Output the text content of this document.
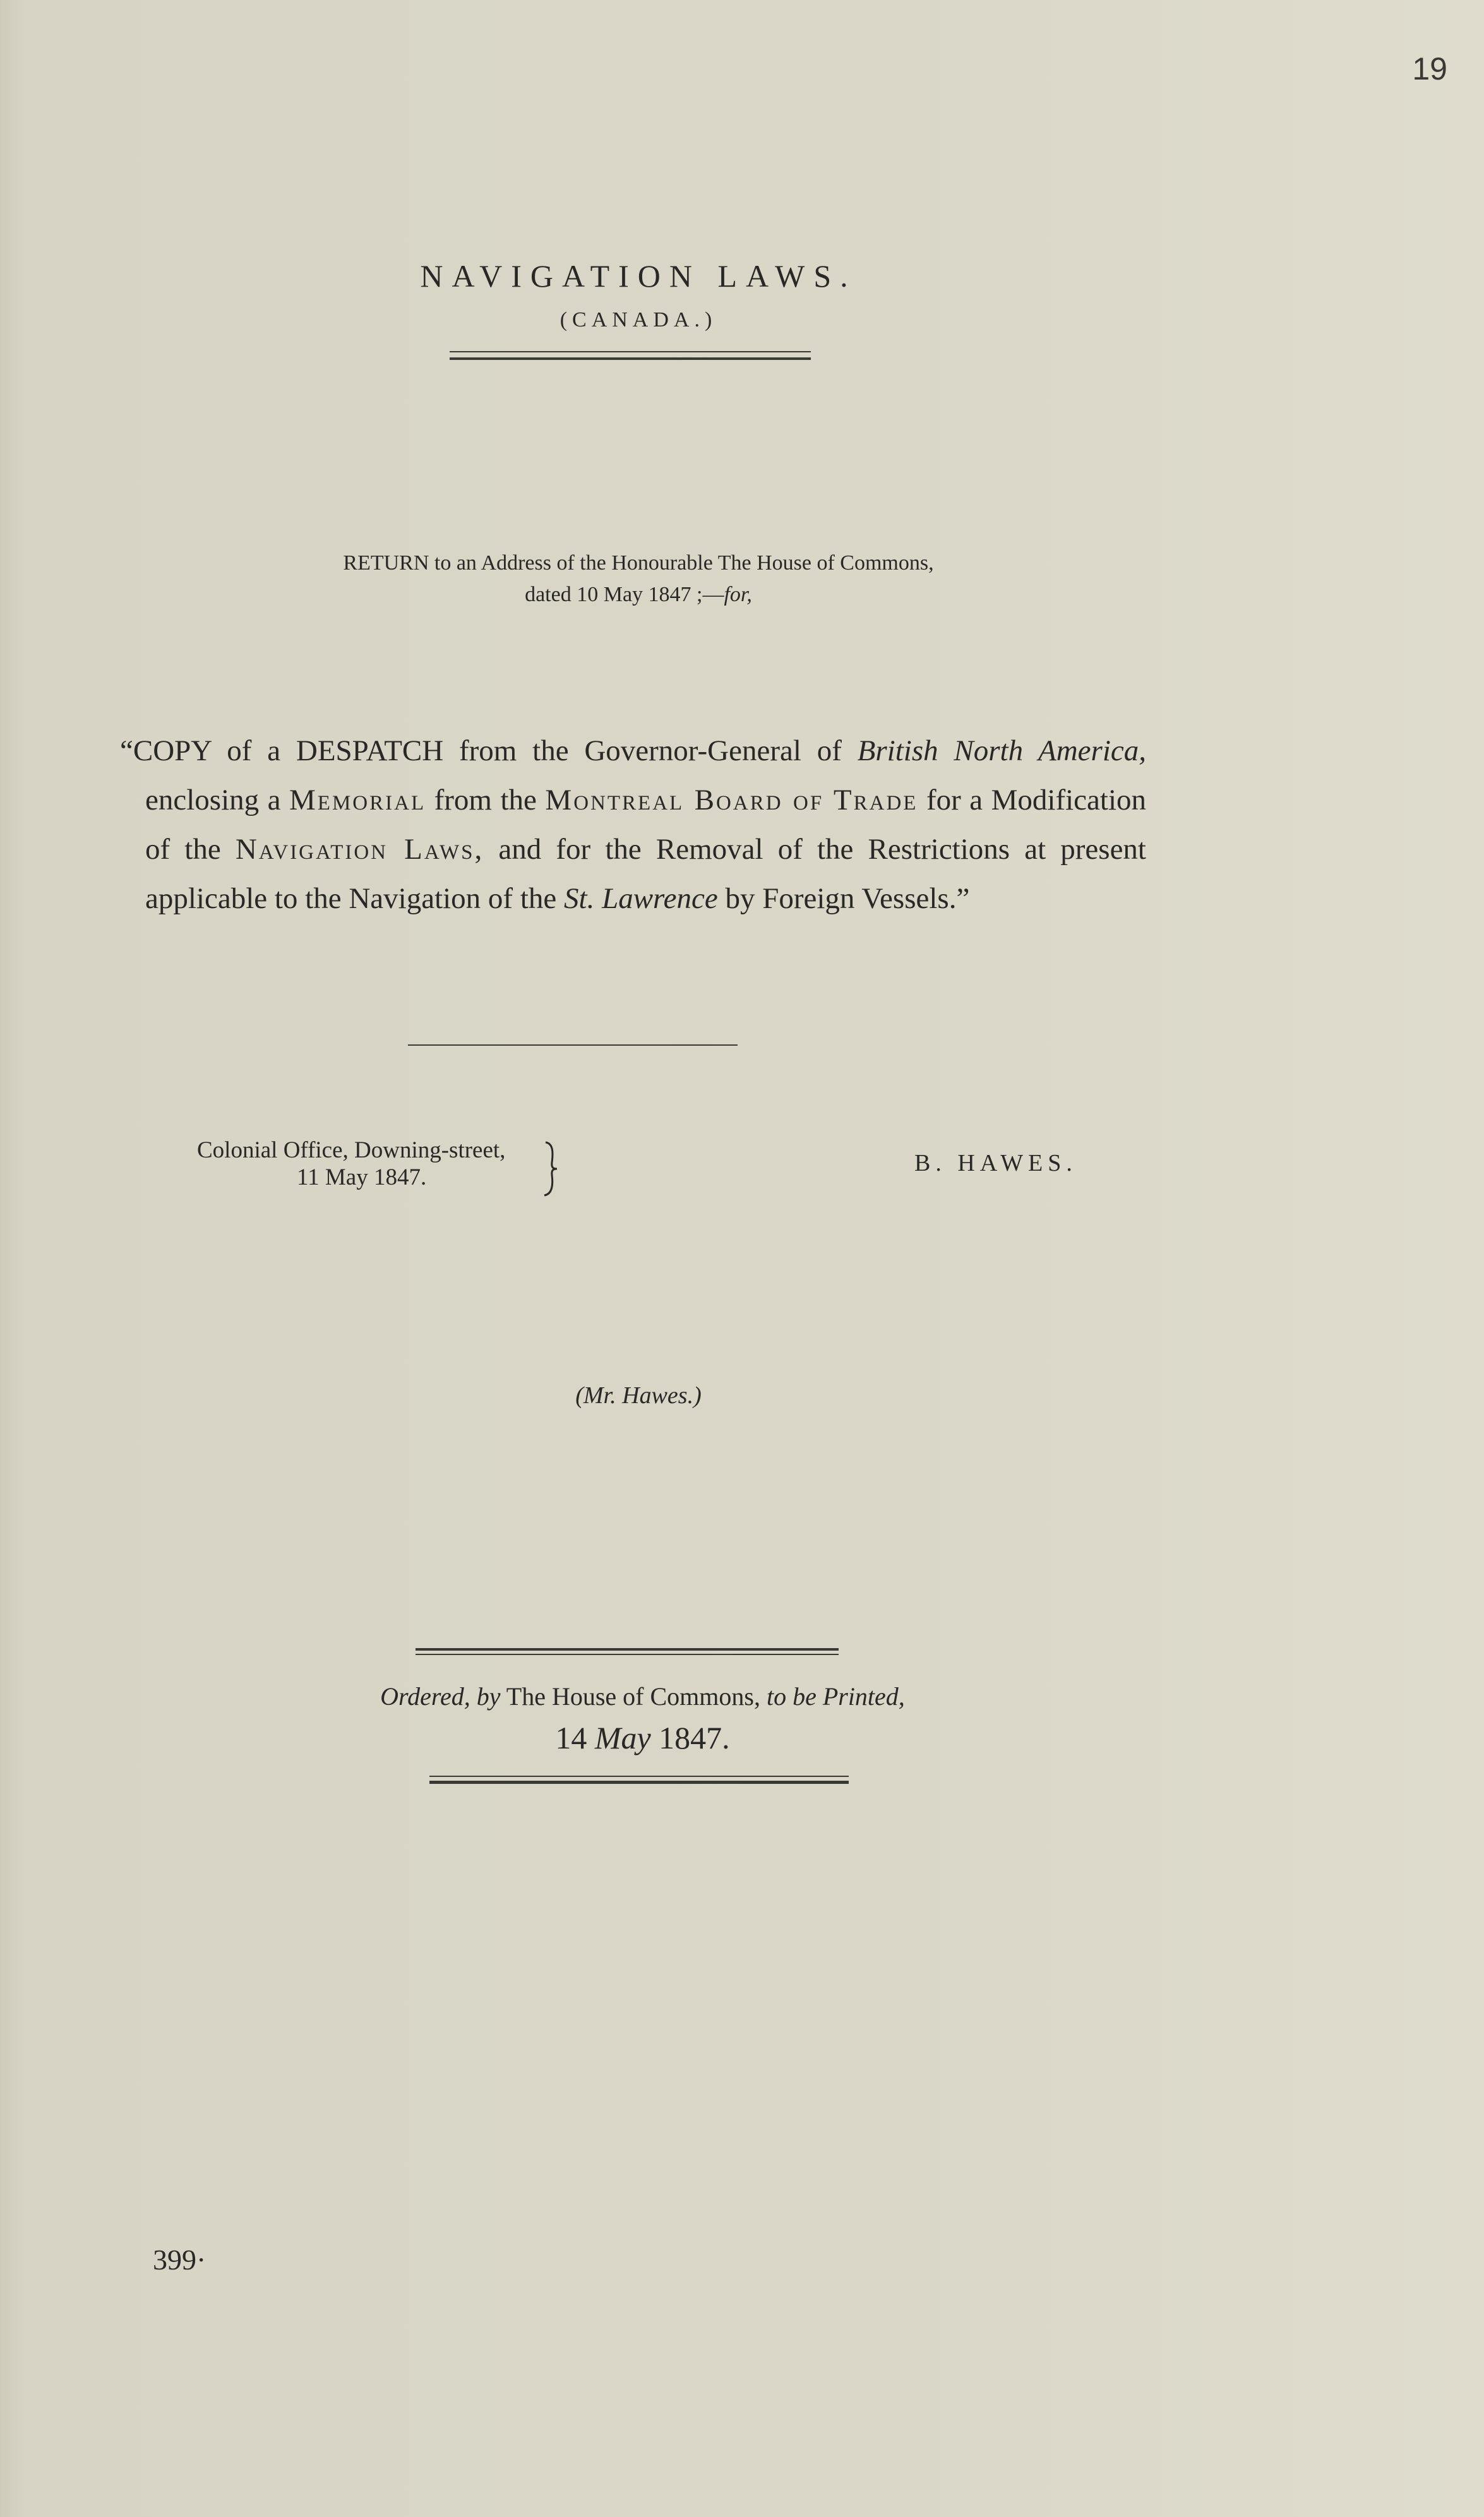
19
NAVIGATION LAWS.
(CANADA.)
RETURN to an Address of the Honourable The House of Commons,
dated 10 May 1847 ;—for,

“COPY of a DESPATCH from the Governor-General of British North America, enclosing a Memorial from the Montreal Board of Trade for a Modification of the Navigation Laws, and for the Removal of the Restrictions at present applicable to the Navigation of the St. Lawrence by Foreign Vessels.”

Colonial Office, Downing-street,
11 May 1847.
B. HAWES.
(Mr. Hawes.)
Ordered, by The House of Commons, to be Printed,
14 May 1847.
399·
